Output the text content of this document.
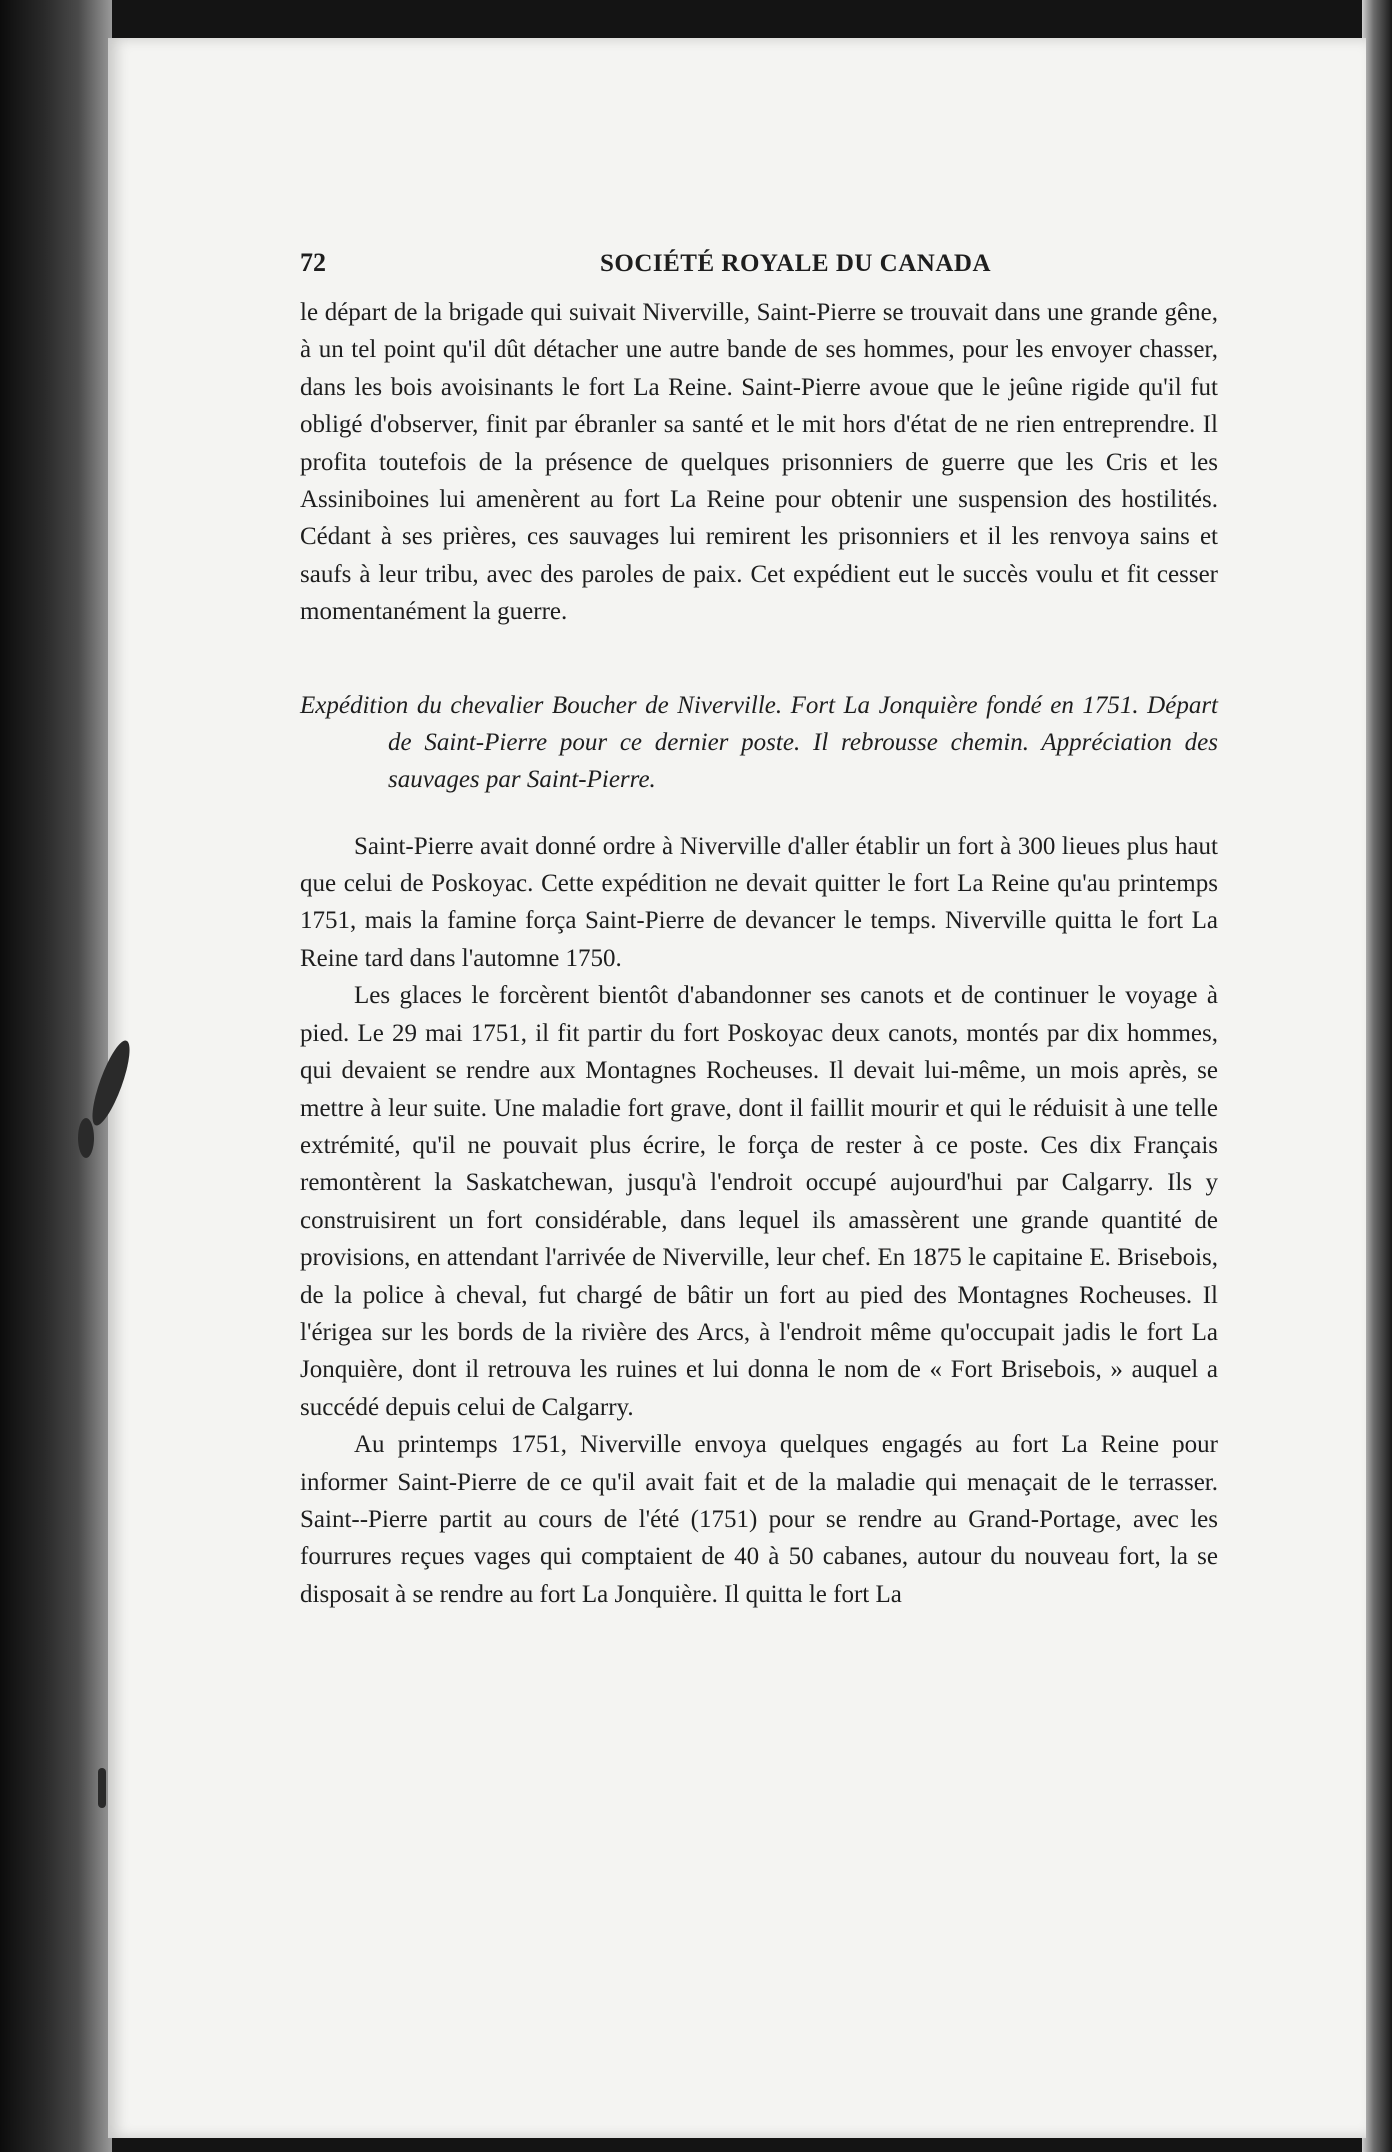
72	SOCIÉTÉ ROYALE DU CANADA

le départ de la brigade qui suivait Niverville, Saint-Pierre se trouvait dans une grande gêne, à un tel point qu'il dût détacher une autre bande de ses hommes, pour les envoyer chasser, dans les bois avoisinants le fort La Reine. Saint-Pierre avoue que le jeûne rigide qu'il fut obligé d'observer, finit par ébranler sa santé et le mit hors d'état de ne rien entreprendre. Il profita toutefois de la présence de quelques prisonniers de guerre que les Cris et les Assiniboines lui amenèrent au fort La Reine pour obtenir une suspension des hostilités. Cédant à ses prières, ces sauvages lui remirent les prisonniers et il les renvoya sains et saufs à leur tribu, avec des paroles de paix. Cet expédient eut le succès voulu et fit cesser momentanément la guerre.

Expédition du chevalier Boucher de Niverville. Fort La Jonquière fondé en 1751. Départ de Saint-Pierre pour ce dernier poste. Il rebrousse chemin. Appréciation des sauvages par Saint-Pierre.

Saint-Pierre avait donné ordre à Niverville d'aller établir un fort à 300 lieues plus haut que celui de Poskoyac. Cette expédition ne devait quitter le fort La Reine qu'au printemps 1751, mais la famine força Saint-Pierre de devancer le temps. Niverville quitta le fort La Reine tard dans l'automne 1750.

Les glaces le forcèrent bientôt d'abandonner ses canots et de continuer le voyage à pied. Le 29 mai 1751, il fit partir du fort Poskoyac deux canots, montés par dix hommes, qui devaient se rendre aux Montagnes Rocheuses. Il devait lui-même, un mois après, se mettre à leur suite. Une maladie fort grave, dont il faillit mourir et qui le réduisit à une telle extrémité, qu'il ne pouvait plus écrire, le força de rester à ce poste. Ces dix Français remontèrent la Saskatchewan, jusqu'à l'endroit occupé aujourd'hui par Calgarry. Ils y construisirent un fort considérable, dans lequel ils amassèrent une grande quantité de provisions, en attendant l'arrivée de Niverville, leur chef. En 1875 le capitaine E. Brisebois, de la police à cheval, fut chargé de bâtir un fort au pied des Montagnes Rocheuses. Il l'érigea sur les bords de la rivière des Arcs, à l'endroit même qu'occupait jadis le fort La Jonquière, dont il retrouva les ruines et lui donna le nom de « Fort Brisebois, » auquel a succédé depuis celui de Calgarry.

Au printemps 1751, Niverville envoya quelques engagés au fort La Reine pour informer Saint-Pierre de ce qu'il avait fait et de la maladie qui menaçait de le terrasser. Saint--Pierre partit au cours de l'été (1751) pour se rendre au Grand-Portage, avec les fourrures reçues vages qui comptaient de 40 à 50 cabanes, autour du nouveau fort, la se disposait à se rendre au fort La Jonquière. Il quitta le fort La
